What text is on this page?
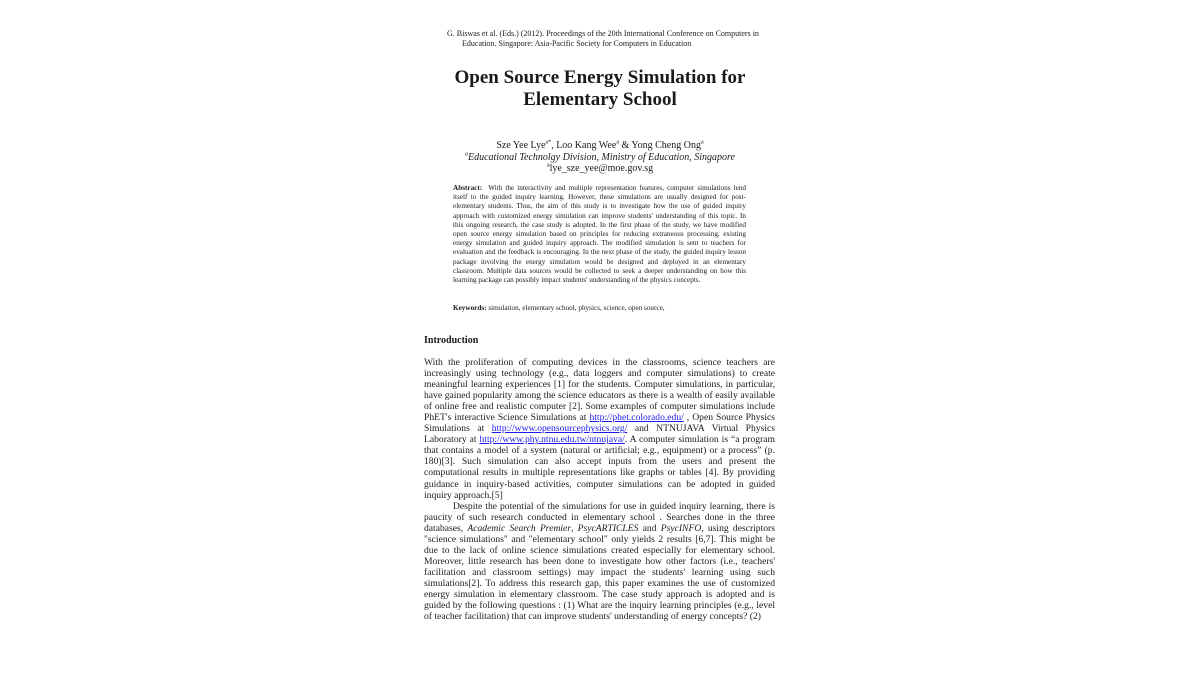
G. Biswas et al. (Eds.) (2012). Proceedings of the 20th International Conference on Computers in
Education. Singapore: Asia-Pacific Society for Computers in Education
Open Source Energy Simulation for
Elementary School
Sze Yee Lye$^{a*}$, Loo Kang Wee$^a$ & Yong Cheng Ong$^a$
$^a$Educational Technolgy Division, Ministry of Education, Singapore
$^a$lye_sze_yee@moe.gov.sg
Abstract: With the interactivity and multiple representation features, computer simulations lend itself to the guided inquiry learning. However, these simulations are usually designed for post-elementary students. Thus, the aim of this study is to investigate how the use of guided inquiry approach with customized energy simulation can improve students' understanding of this topic. In this ongoing research, the case study is adopted. In the first phase of the study, we have modified open source energy simulation based on principles for reducing extraneous processing, existing energy simulation and guided inquiry approach. The modified simulation is sent to teachers for evaluation and the feedback is encouraging. In the next phase of the study, the guided inquiry lesson package involving the energy simulation would be designed and deployed in an elementary classroom. Multiple data sources would be collected to seek a deeper understanding on how this learning package can possibly impact students' understanding of the physics concepts.
Keywords: simulation, elementary school, physics, science, open source,
Introduction

With the proliferation of computing devices in the classrooms, science teachers are increasingly using technology (e.g., data loggers and computer simulations) to create meaningful learning experiences [1] for the students. Computer simulations, in particular, have gained popularity among the science educators as there is a wealth of easily available of online free and realistic computer [2]. Some examples of computer simulations include PhET's interactive Science Simulations at http://phet.colorado.edu/ , Open Source Physics Simulations at http://www.opensourcephysics.org/ and NTNUJAVA Virtual Physics Laboratory at http://www.phy.ntnu.edu.tw/ntnujava/. A computer simulation is “a program that contains a model of a system (natural or artificial; e.g., equipment) or a process” (p. 180)[3]. Such simulation can also accept inputs from the users and present the computational results in multiple representations like graphs or tables [4]. By providing guidance in inquiry-based activities, computer simulations can be adopted in guided inquiry approach.[5]

Despite the potential of the simulations for use in guided inquiry learning, there is paucity of such research conducted in elementary school . Searches done in the three databases, Academic Search Premier, PsycARTICLES and PsycINFO, using descriptors "science simulations" and "elementary school" only yields 2 results [6,7]. This might be due to the lack of online science simulations created especially for elementary school. Moreover, little research has been done to investigate how other factors (i.e., teachers' facilitation and classroom settings) may impact the students' learning using such simulations[2]. To address this research gap, this paper examines the use of customized energy simulation in elementary classroom. The case study approach is adopted and is guided by the following questions : (1) What are the inquiry learning principles (e.g., level of teacher facilitation) that can improve students' understanding of energy concepts? (2)
